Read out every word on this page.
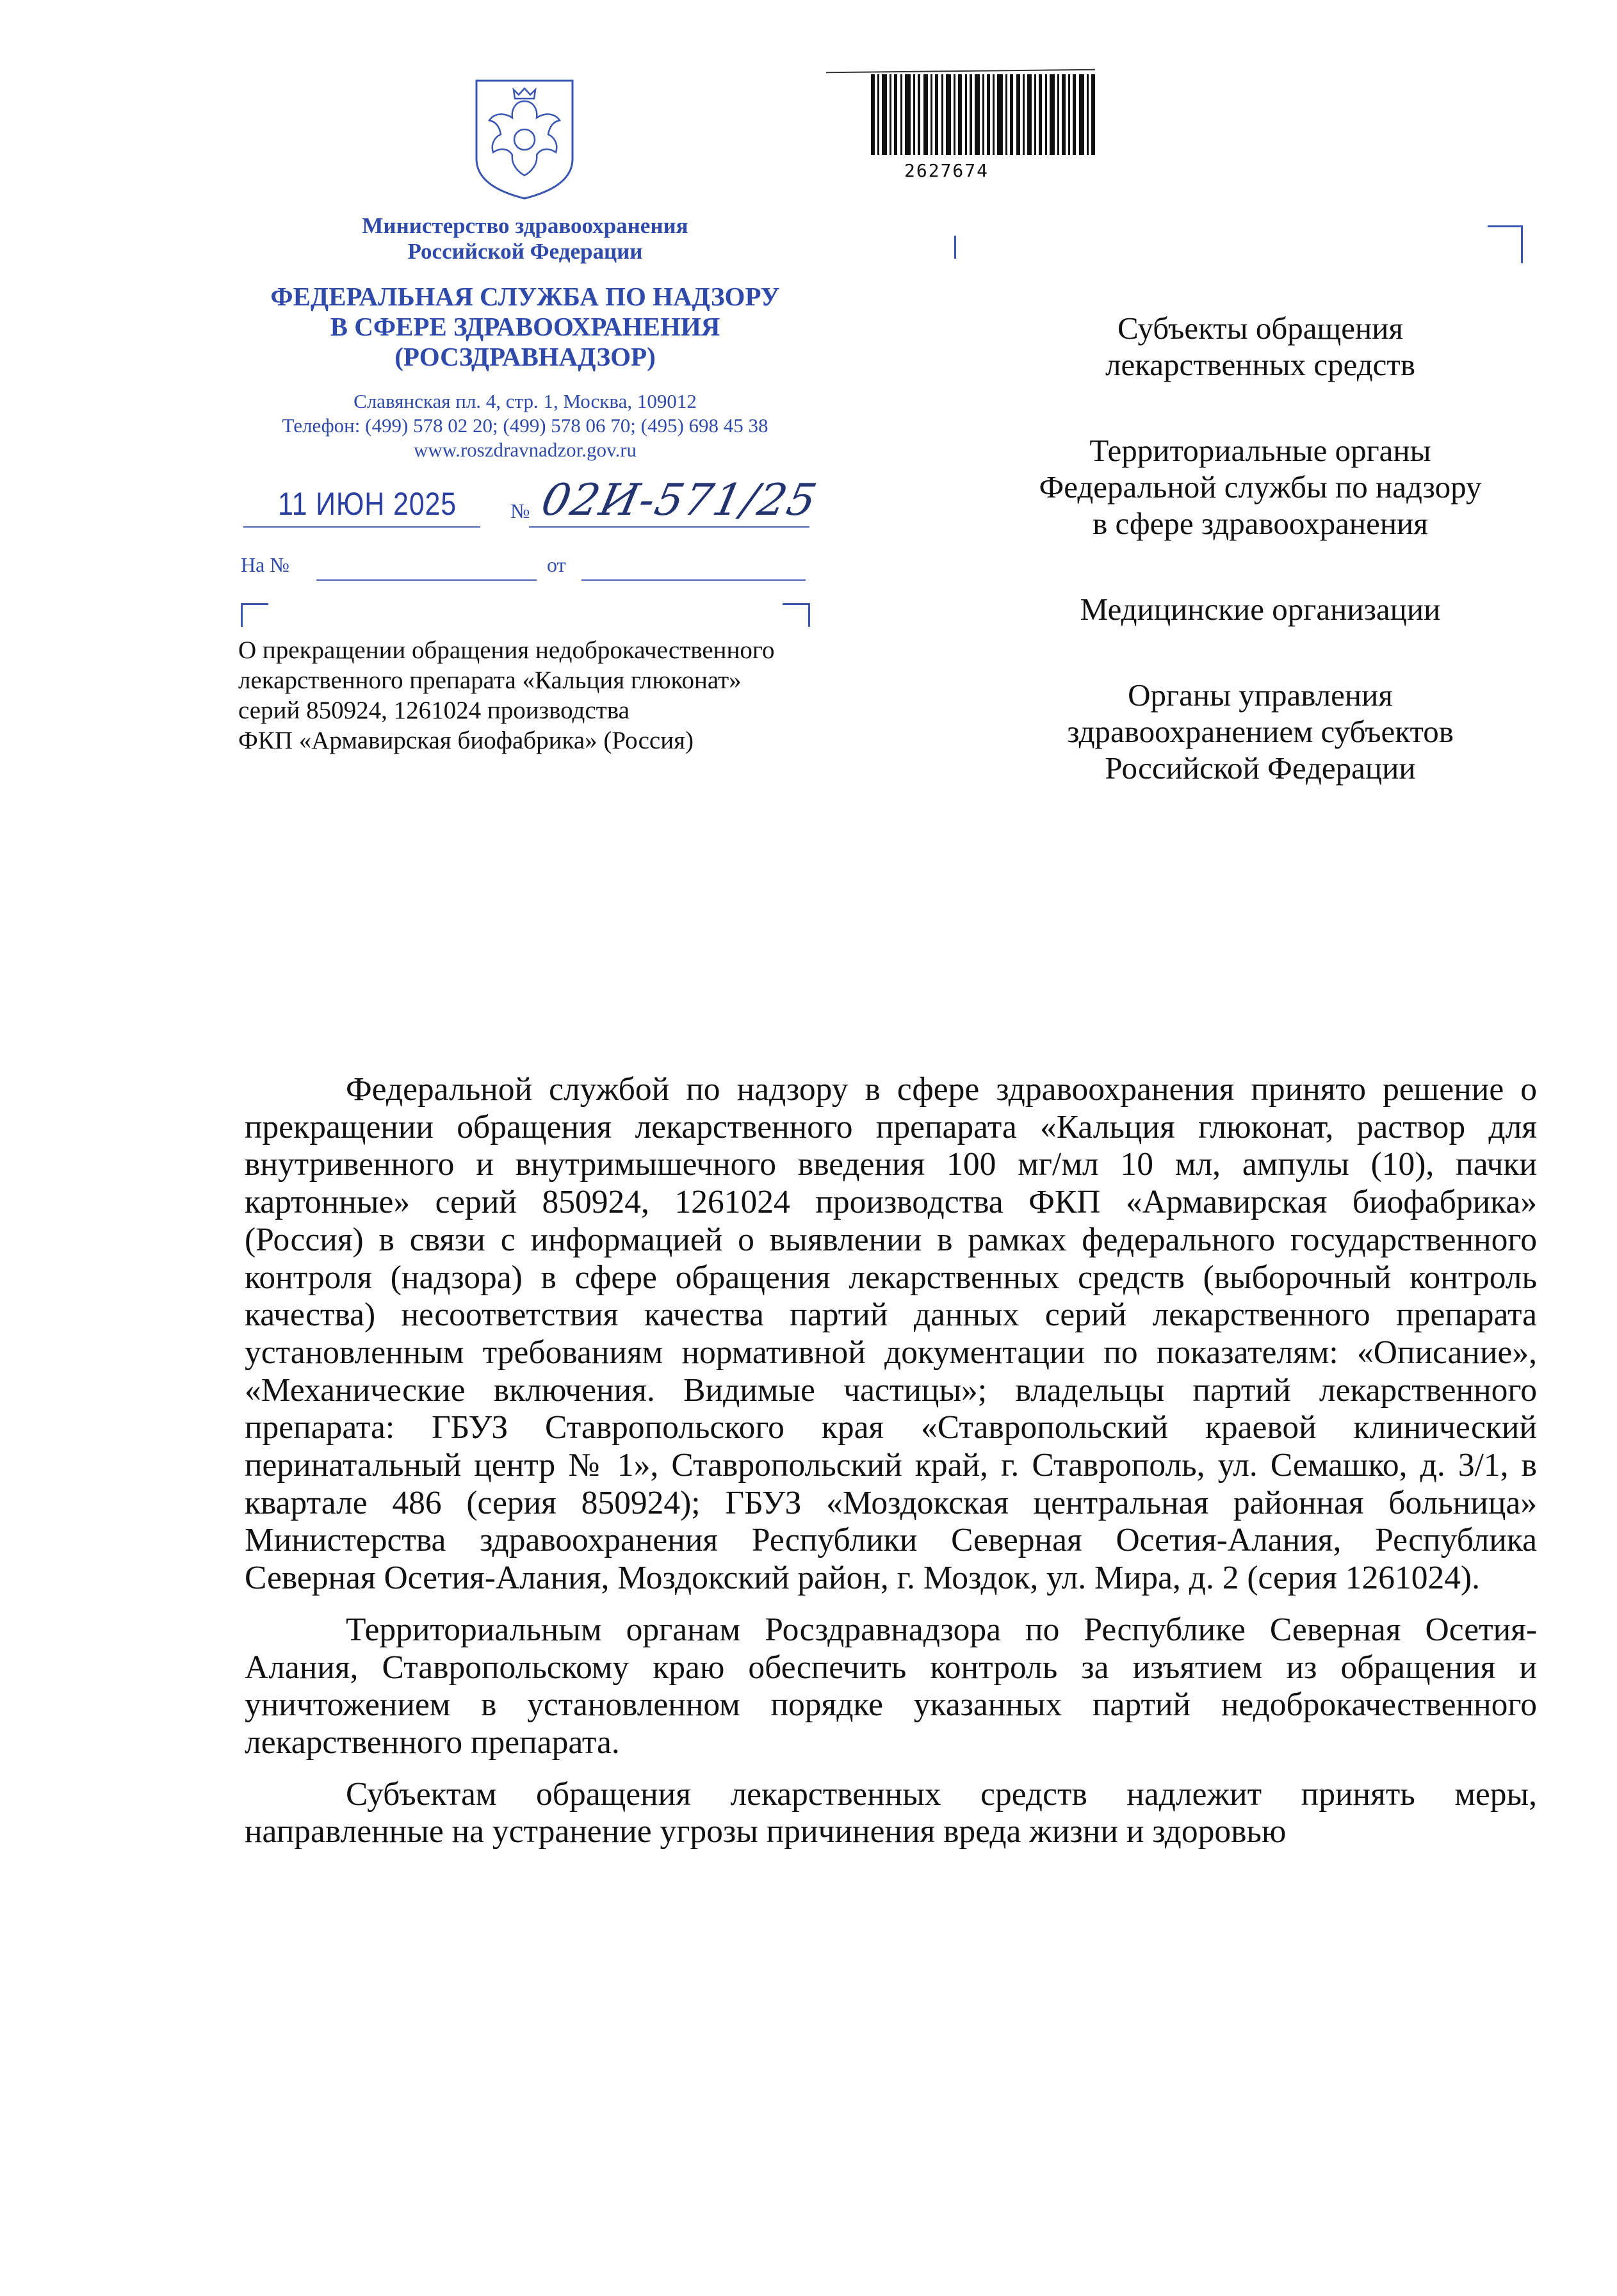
2627674
Министерство здравоохранения
Российской Федерации
ФЕДЕРАЛЬНАЯ СЛУЖБА ПО НАДЗОРУ
В СФЕРЕ ЗДРАВООХРАНЕНИЯ
(РОСЗДРАВНАДЗОР)
Славянская пл. 4, стр. 1, Москва, 109012
Телефон: (499) 578 02 20; (499) 578 06 70; (495) 698 45 38
www.roszdravnadzor.gov.ru
11 ИЮН 2025	№ 02И-571/25
На №	от
О прекращении обращения недоброкачественного
лекарственного препарата «Кальция глюконат»
серий 850924, 1261024 производства
ФКП «Армавирская биофабрика» (Россия)

Субъекты обращения
лекарственных средств

Территориальные органы
Федеральной службы по надзору
в сфере здравоохранения

Медицинские организации

Органы управления
здравоохранением субъектов
Российской Федерации

Федеральной службой по надзору в сфере здравоохранения принято решение о прекращении обращения лекарственного препарата «Кальция глюконат, раствор для внутривенного и внутримышечного введения 100 мг/мл 10 мл, ампулы (10), пачки картонные» серий 850924, 1261024 производства ФКП «Армавирская биофабрика» (Россия) в связи с информацией о выявлении в рамках федерального государственного контроля (надзора) в сфере обращения лекарственных средств (выборочный контроль качества) несоответствия качества партий данных серий лекарственного препарата установленным требованиям нормативной документации по показателям: «Описание», «Механические включения. Видимые частицы»; владельцы партий лекарственного препарата: ГБУЗ Ставропольского края «Ставропольский краевой клинический перинатальный центр № 1», Ставропольский край, г. Ставрополь, ул. Семашко, д. 3/1, в квартале 486 (серия 850924); ГБУЗ «Моздокская центральная районная больница» Министерства здравоохранения Республики Северная Осетия-Алания, Республика Северная Осетия-Алания, Моздокский район, г. Моздок, ул. Мира, д. 2 (серия 1261024).

Территориальным органам Росздравнадзора по Республике Северная Осетия-Алания, Ставропольскому краю обеспечить контроль за изъятием из обращения и уничтожением в установленном порядке указанных партий недоброкачественного лекарственного препарата.

Субъектам обращения лекарственных средств надлежит принять меры, направленные на устранение угрозы причинения вреда жизни и здоровью
